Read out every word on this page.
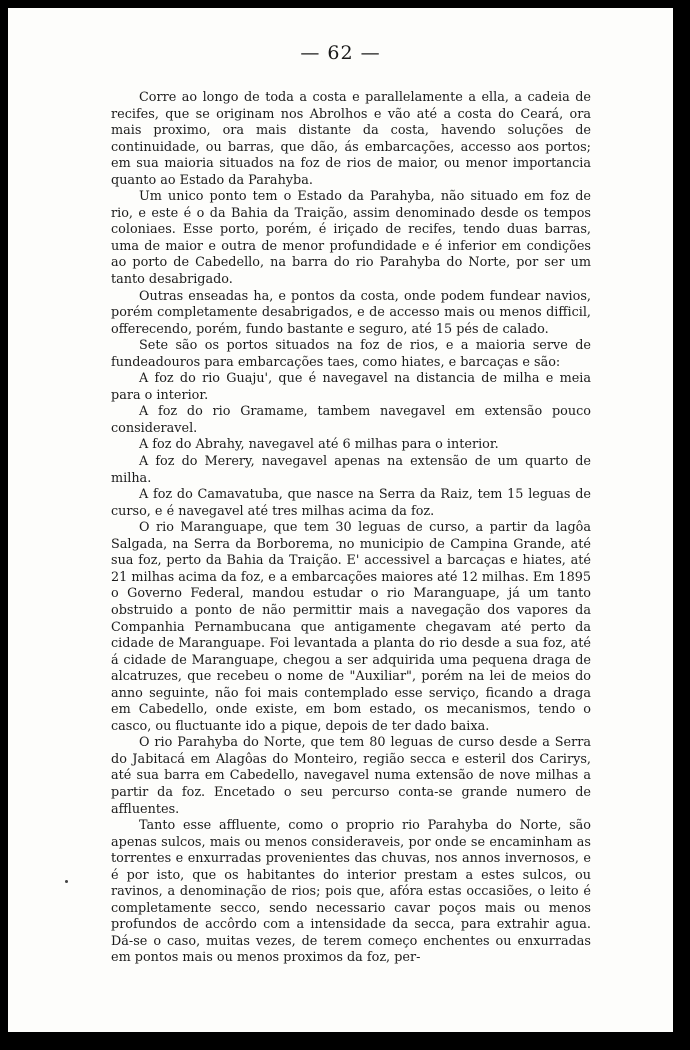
— 62 —

Corre ao longo de toda a costa e parallelamente a ella, a cadeia de recifes, que se originam nos Abrolhos e vão até a costa do Ceará, ora mais proximo, ora mais distante da costa, havendo soluções de continuidade, ou barras, que dão, ás embarcações, accesso aos portos; em sua maioria situados na foz de rios de maior, ou menor importancia quanto ao Estado da Parahyba.

Um unico ponto tem o Estado da Parahyba, não situado em foz de rio, e este é o da Bahia da Traição, assim denominado desde os tempos coloniaes. Esse porto, porém, é iriçado de recifes, tendo duas barras, uma de maior e outra de menor profundidade e é inferior em condições ao porto de Cabedello, na barra do rio Parahyba do Norte, por ser um tanto desabrigado.

Outras enseadas ha, e pontos da costa, onde podem fundear navios, porém completamente desabrigados, e de accesso mais ou menos difficil, offerecendo, porém, fundo bastante e seguro, até 15 pés de calado.

Sete são os portos situados na foz de rios, e a maioria serve de fundeadouros para embarcações taes, como hiates, e barcaças e são:

A foz do rio Guaju', que é navegavel na distancia de milha e meia para o interior.

A foz do rio Gramame, tambem navegavel em extensão pouco consideravel.

A foz do Abrahy, navegavel até 6 milhas para o interior.

A foz do Merery, navegavel apenas na extensão de um quarto de milha.

A foz do Camavatuba, que nasce na Serra da Raiz, tem 15 leguas de curso, e é navegavel até tres milhas acima da foz.

O rio Maranguape, que tem 30 leguas de curso, a partir da lagôa Salgada, na Serra da Borborema, no municipio de Campina Grande, até sua foz, perto da Bahia da Traição. E' accessivel a barcaças e hiates, até 21 milhas acima da foz, e a embarcações maiores até 12 milhas. Em 1895 o Governo Federal, mandou estudar o rio Maranguape, já um tanto obstruido a ponto de não permittir mais a navegação dos vapores da Companhia Pernambucana que antigamente chegavam até perto da cidade de Maranguape. Foi levantada a planta do rio desde a sua foz, até á cidade de Maranguape, chegou a ser adquirida uma pequena draga de alcatruzes, que recebeu o nome de "Auxiliar", porém na lei de meios do anno seguinte, não foi mais contemplado esse serviço, ficando a draga em Cabedello, onde existe, em bom estado, os mecanismos, tendo o casco, ou fluctuante ido a pique, depois de ter dado baixa.

O rio Parahyba do Norte, que tem 80 leguas de curso desde a Serra do Jabitacá em Alagôas do Monteiro, região secca e esteril dos Carirys, até sua barra em Cabedello, navegavel numa extensão de nove milhas a partir da foz. Encetado o seu percurso conta-se grande numero de affluentes.

Tanto esse affluente, como o proprio rio Parahyba do Norte, são apenas sulcos, mais ou menos consideraveis, por onde se encaminham as torrentes e enxurradas provenientes das chuvas, nos annos invernosos, e é por isto, que os habitantes do interior prestam a estes sulcos, ou ravinos, a denominação de rios; pois que, afóra estas occasiões, o leito é completamente secco, sendo necessario cavar poços mais ou menos profundos de accôrdo com a intensidade da secca, para extrahir agua. Dá-se o caso, muitas vezes, de terem começo enchentes ou enxurradas em pontos mais ou menos proximos da foz, per-
